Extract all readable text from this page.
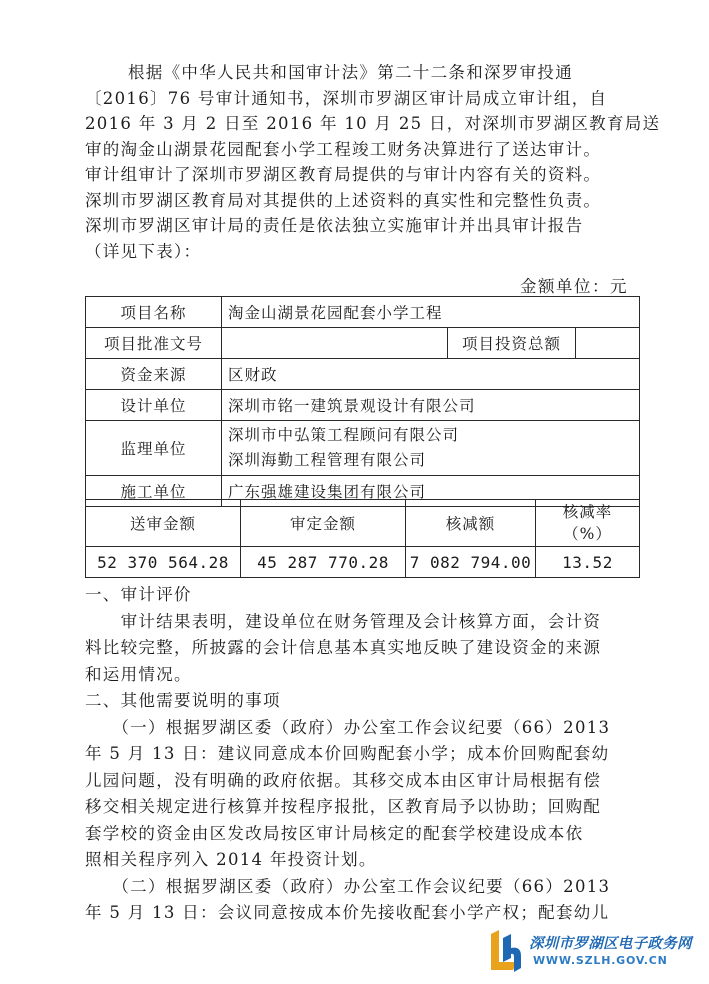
根据《中华人民共和国审计法》第二十二条和深罗审投通
〔2016〕76 号审计通知书，深圳市罗湖区审计局成立审计组，自
2016 年 3 月 2 日至 2016 年 10 月 25 日，对深圳市罗湖区教育局送
审的淘金山湖景花园配套小学工程竣工财务决算进行了送达审计。
审计组审计了深圳市罗湖区教育局提供的与审计内容有关的资料。
深圳市罗湖区教育局对其提供的上述资料的真实性和完整性负责。
深圳市罗湖区审计局的责任是依法独立实施审计并出具审计报告
（详见下表）：
金额单位：元
项目名称	淘金山湖景花园配套小学工程		
项目批准文号		项目投资总额	
资金来源	区财政		
设计单位	深圳市铭一建筑景观设计有限公司		
监理单位	深圳市中弘策工程顾问有限公司
深圳海勤工程管理有限公司		

施工单位	广东强雄建设集团有限公司		
送审金额	审定金额	核减额	核减率
（%）

52 370 564.28	45 287 770.28	7 082 794.00	13.52
一、审计评价
　　审计结果表明，建设单位在财务管理及会计核算方面，会计资
料比较完整，所披露的会计信息基本真实地反映了建设资金的来源
和运用情况。
二、其他需要说明的事项
　　（一）根据罗湖区委（政府）办公室工作会议纪要（66）2013
年 5 月 13 日：建议同意成本价回购配套小学；成本价回购配套幼
儿园问题，没有明确的政府依据。其移交成本由区审计局根据有偿
移交相关规定进行核算并按程序报批，区教育局予以协助；回购配
套学校的资金由区发改局按区审计局核定的配套学校建设成本依
照相关程序列入 2014 年投资计划。
　　（二）根据罗湖区委（政府）办公室工作会议纪要（66）2013
年 5 月 13 日：会议同意按成本价先接收配套小学产权；配套幼儿
深圳市罗湖区电子政务网
WWW.SZLH.GOV.CN
